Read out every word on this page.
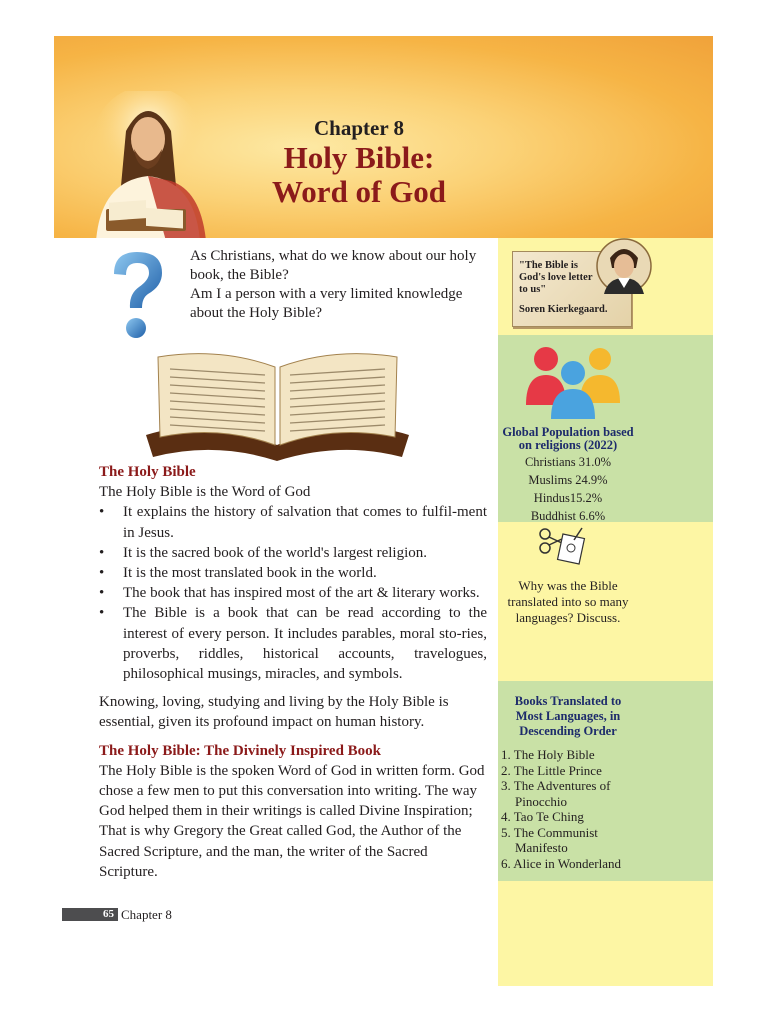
Chapter 8
Holy Bible:
Word of God
As Christians, what do we know about our holy book, the Bible?
Am I a person with a very limited knowledge about the Holy Bible?

The Holy Bible

The Holy Bible is the Word of God

• It explains the history of salvation that comes to fulfil-ment in Jesus.
• It is the sacred book of the world's largest religion.
• It is the most translated book in the world.
• The book that has inspired most of the art & literary works.
• The Bible is a book that can be read according to the interest of every person. It includes parables, moral sto-ries, proverbs, riddles, historical accounts, travelogues, philosophical musings, miracles, and symbols.

Knowing, loving, studying and living by the Holy Bible is essential, given its profound impact on human history.

The Holy Bible: The Divinely Inspired Book

The Holy Bible is the spoken Word of God in written form. God chose a few men to put this conversation into writing. The way God helped them in their writings is called Divine Inspiration; That is why Gregory the Great called God, the Author of the Sacred Scripture, and the man, the writer of the Sacred Scripture.

"The Bible is God's love letter to us"
Soren Kierkegaard.
Global Population based
on religions (2022)
Christians 31.0%
Muslims 24.9%
Hindus15.2%
Buddhist 6.6%
Why was the Bible translated into so many languages? Discuss.
Books Translated to
Most Languages, in
Descending Order
1. The Holy Bible
2. The Little Prince
3. The Adventures of
Pinocchio
4. Tao Te Ching
5. The Communist
Manifesto
6. Alice in Wonderland
65 Chapter 8
